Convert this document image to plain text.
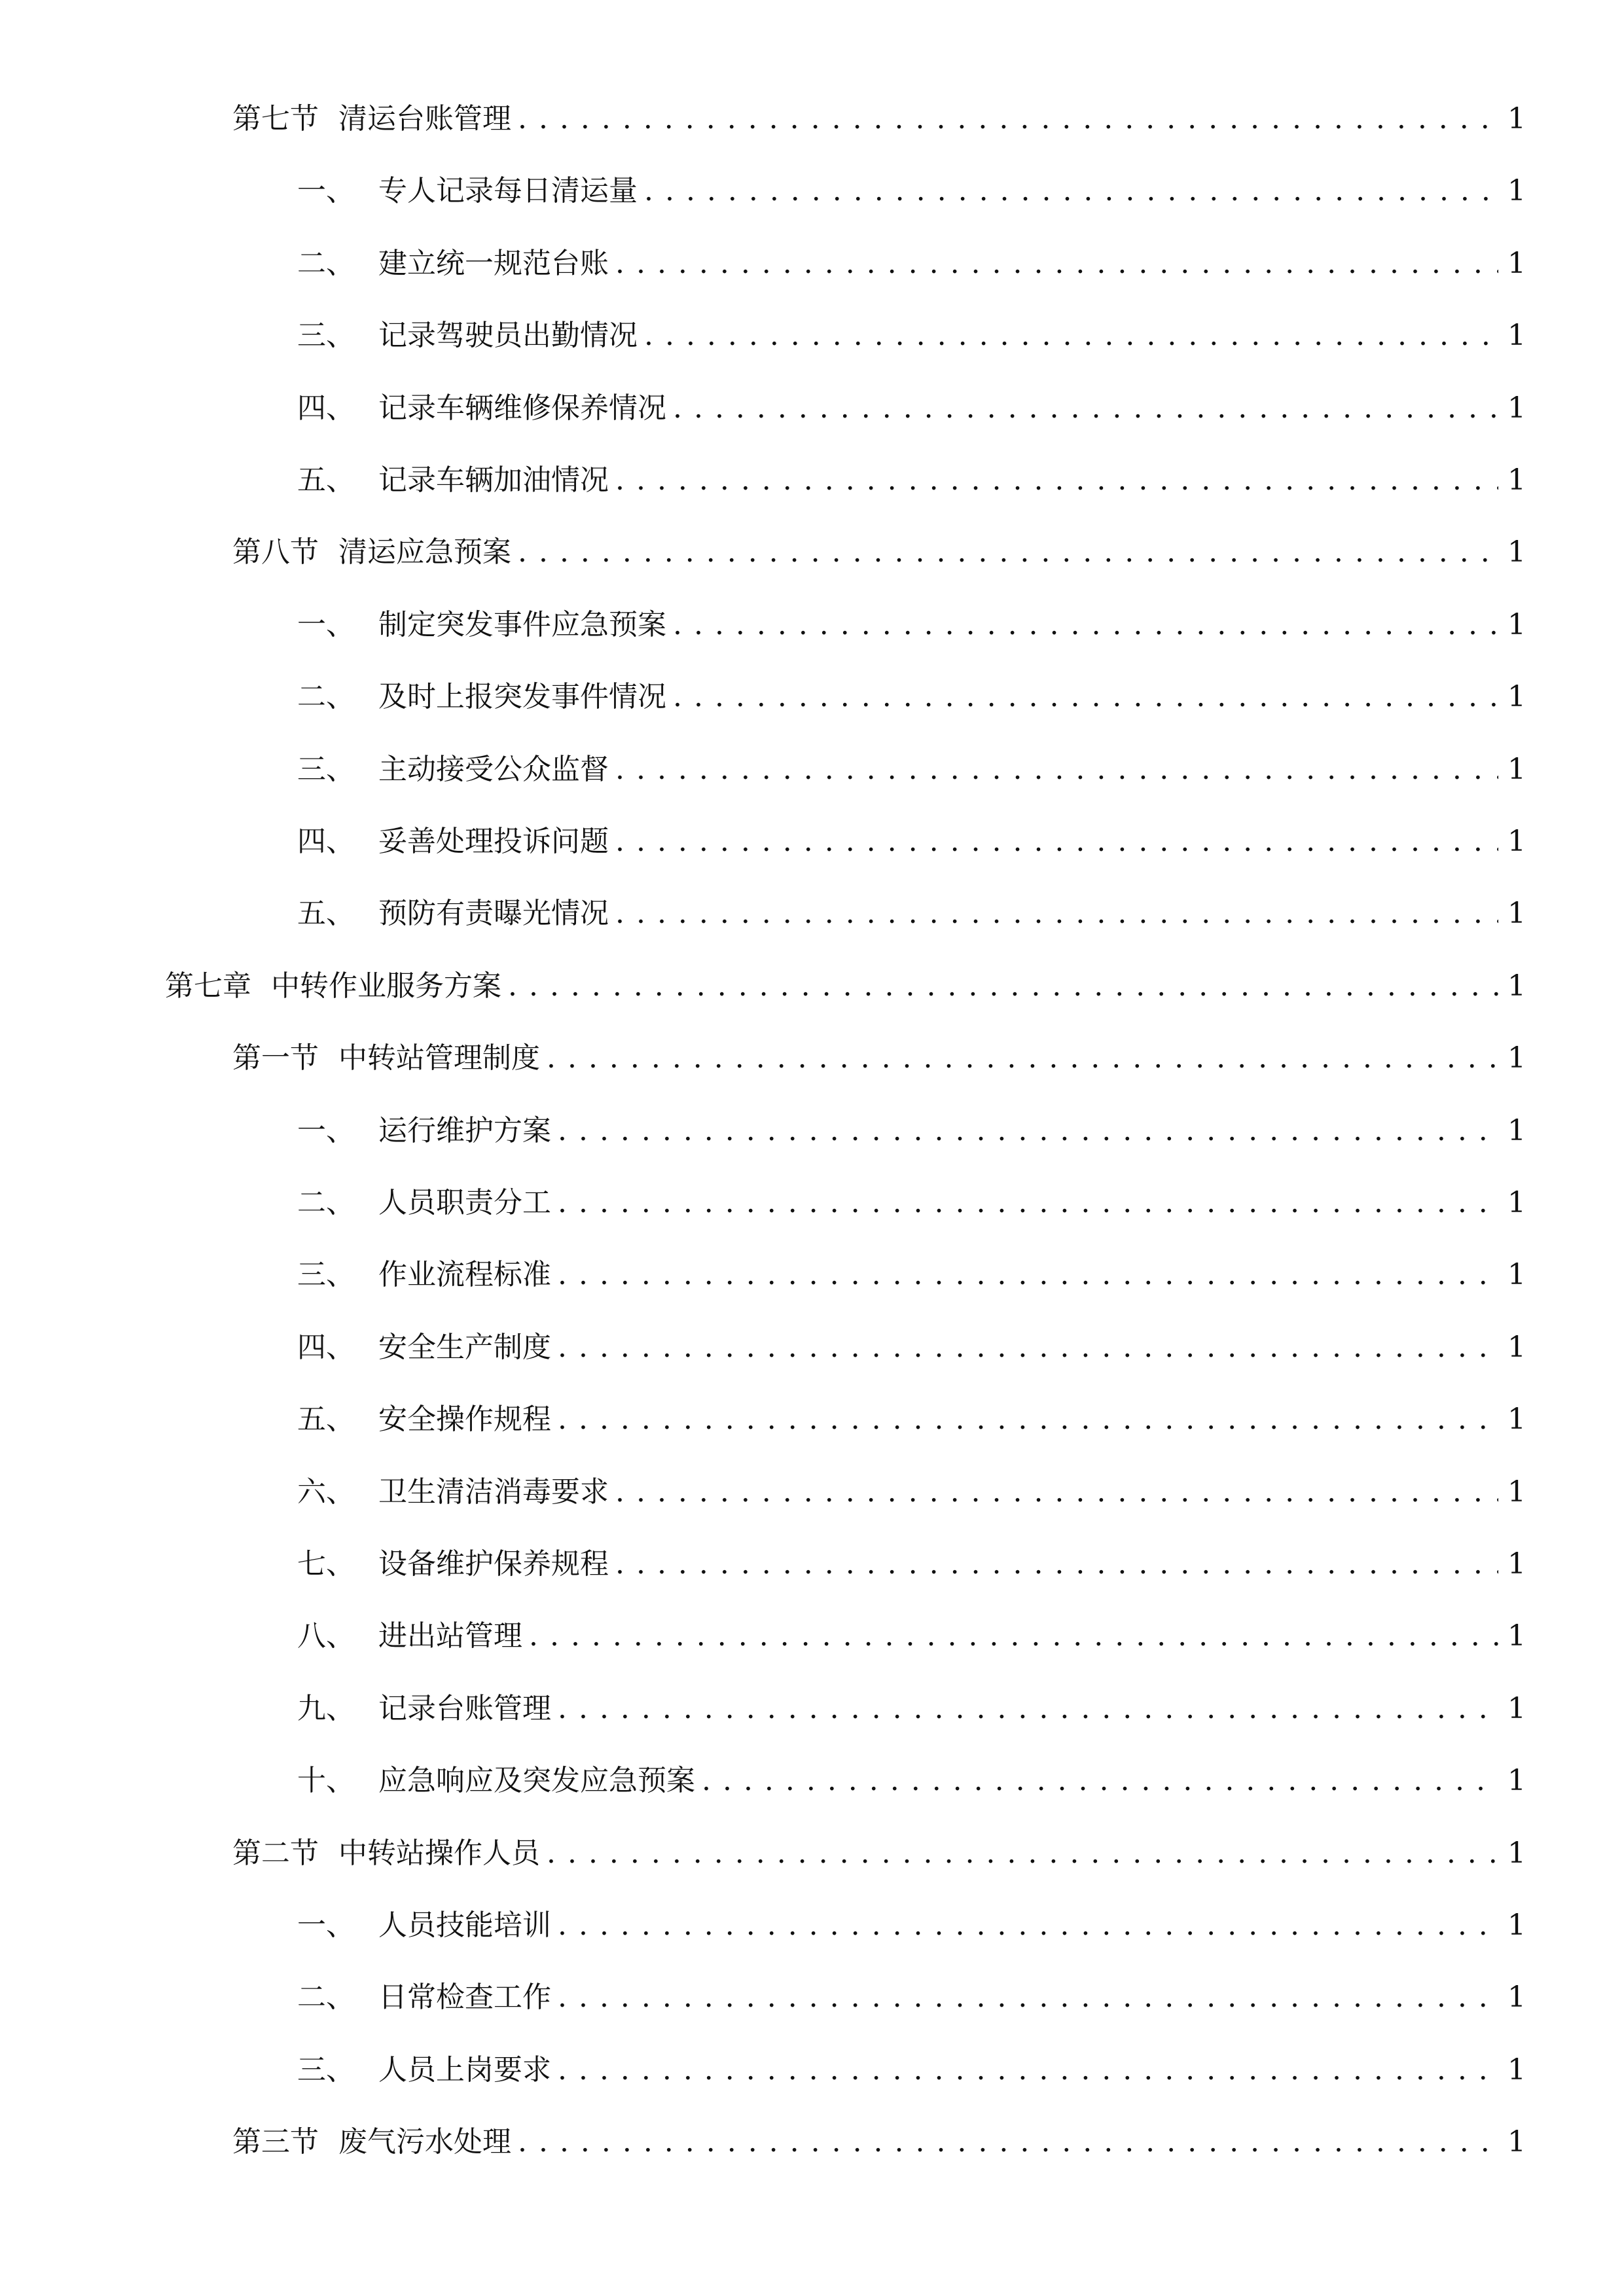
第七节 清运台账管理 . . .	1
一、 专人记录每日清运量 . . .	1
二、 建立统一规范台账 . . .	1
三、 记录驾驶员出勤情况 . . .	1
四、 记录车辆维修保养情况 . . .	1
五、 记录车辆加油情况 . . .	1
第八节 清运应急预案 . . .	1
一、 制定突发事件应急预案 . . .	1
二、 及时上报突发事件情况 . . .	1
三、 主动接受公众监督 . . .	1
四、 妥善处理投诉问题 . . .	1
五、 预防有责曝光情况 . . .	1
第七章 中转作业服务方案 . . .	1
第一节 中转站管理制度 . . .	1
一、 运行维护方案 . . .	1
二、 人员职责分工 . . .	1
三、 作业流程标准 . . .	1
四、 安全生产制度 . . .	1
五、 安全操作规程 . . .	1
六、 卫生清洁消毒要求 . . .	1
七、 设备维护保养规程 . . .	1
八、 进出站管理 . . .	1
九、 记录台账管理 . . .	1
十、 应急响应及突发应急预案 . . .	1
第二节 中转站操作人员 . . .	1
一、 人员技能培训 . . .	1
二、 日常检查工作 . . .	1
三、 人员上岗要求 . . .	1
第三节 废气污水处理 . . .	1
